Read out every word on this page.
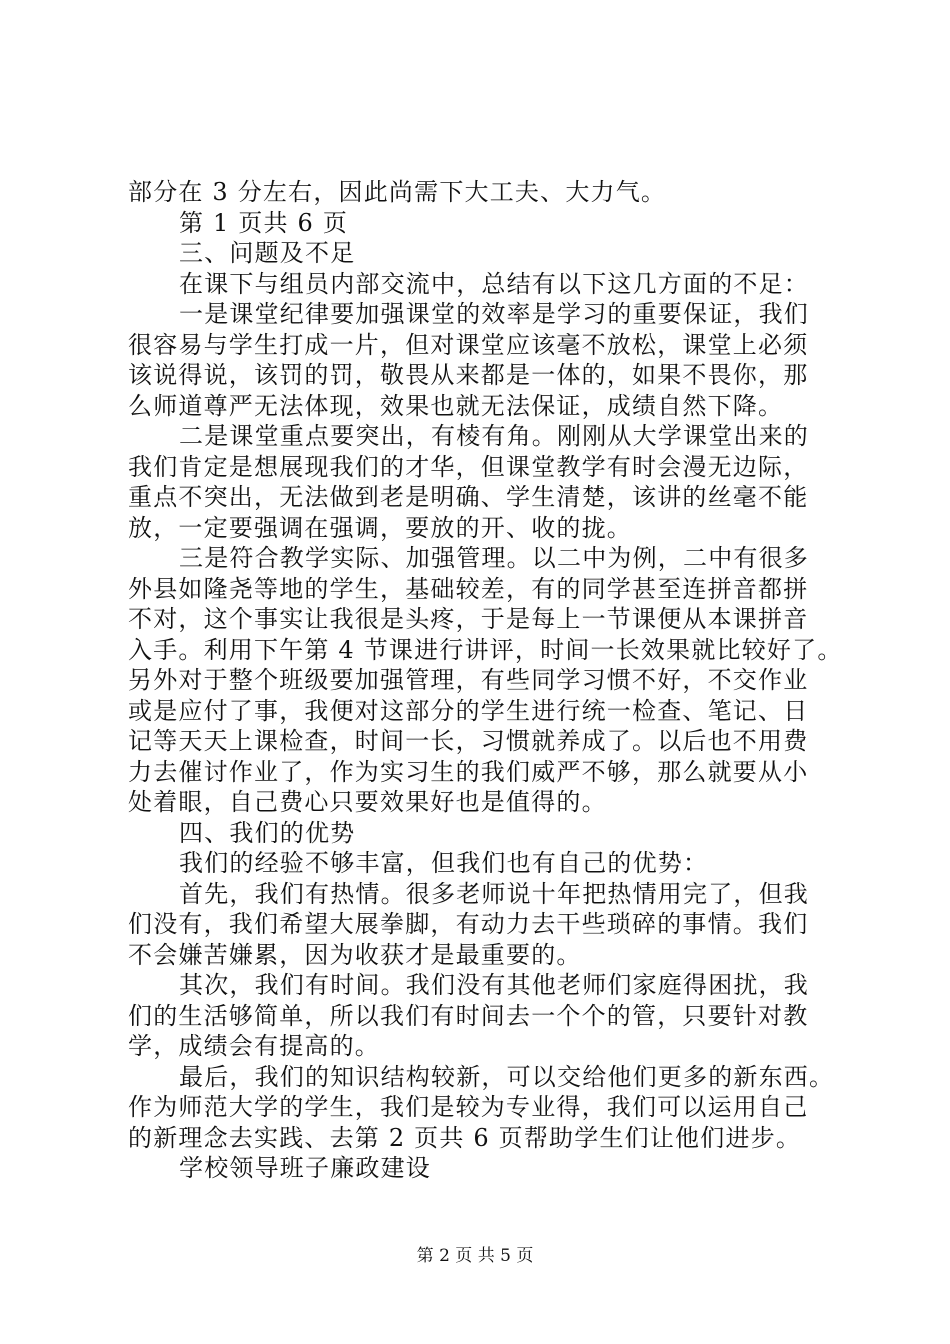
部分在 3 分左右，因此尚需下大工夫、大力气。
第 1 页共 6 页
三、问题及不足
在课下与组员内部交流中，总结有以下这几方面的不足：
一是课堂纪律要加强课堂的效率是学习的重要保证，我们
很容易与学生打成一片，但对课堂应该毫不放松，课堂上必须
该说得说，该罚的罚，敬畏从来都是一体的，如果不畏你，那
么师道尊严无法体现，效果也就无法保证，成绩自然下降。
二是课堂重点要突出，有棱有角。刚刚从大学课堂出来的
我们肯定是想展现我们的才华，但课堂教学有时会漫无边际，
重点不突出，无法做到老是明确、学生清楚，该讲的丝毫不能
放，一定要强调在强调，要放的开、收的拢。
三是符合教学实际、加强管理。以二中为例，二中有很多
外县如隆尧等地的学生，基础较差，有的同学甚至连拼音都拼
不对，这个事实让我很是头疼，于是每上一节课便从本课拼音
入手。利用下午第 4 节课进行讲评，时间一长效果就比较好了。
另外对于整个班级要加强管理，有些同学习惯不好，不交作业
或是应付了事，我便对这部分的学生进行统一检查、笔记、日
记等天天上课检查，时间一长，习惯就养成了。以后也不用费
力去催讨作业了，作为实习生的我们威严不够，那么就要从小
处着眼，自己费心只要效果好也是值得的。
四、我们的优势
我们的经验不够丰富，但我们也有自己的优势：
首先，我们有热情。很多老师说十年把热情用完了，但我
们没有，我们希望大展拳脚，有动力去干些琐碎的事情。我们
不会嫌苦嫌累，因为收获才是最重要的。
其次，我们有时间。我们没有其他老师们家庭得困扰，我
们的生活够简单，所以我们有时间去一个个的管，只要针对教
学，成绩会有提高的。
最后，我们的知识结构较新，可以交给他们更多的新东西。
作为师范大学的学生，我们是较为专业得，我们可以运用自己
的新理念去实践、去第 2 页共 6 页帮助学生们让他们进步。
学校领导班子廉政建设
第 2 页 共 5 页
